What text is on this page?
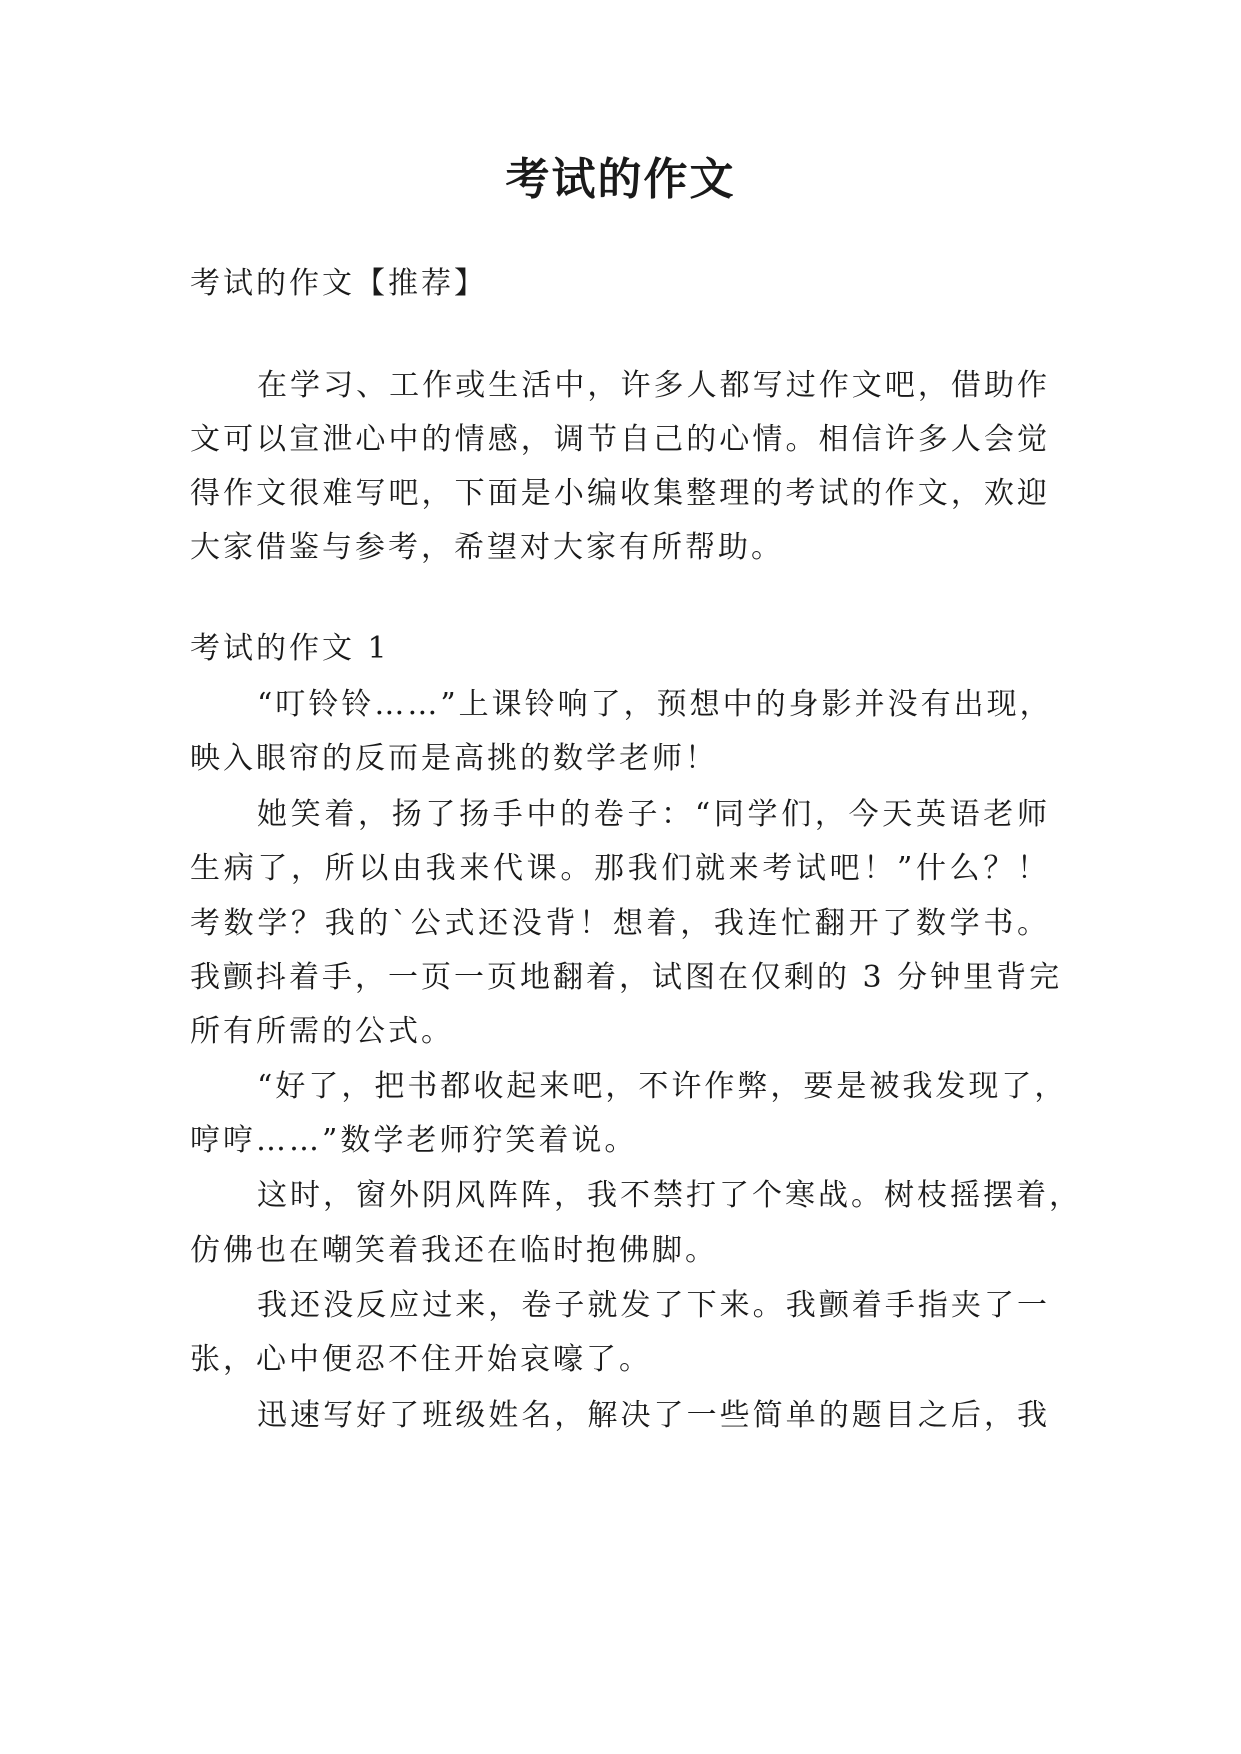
考试的作文

考试的作文【推荐】

在学习、工作或生活中，许多人都写过作文吧，借助作

文可以宣泄心中的情感，调节自己的心情。相信许多人会觉

得作文很难写吧，下面是小编收集整理的考试的作文，欢迎

大家借鉴与参考，希望对大家有所帮助。

考试的作文 1

“叮铃铃……”上课铃响了，预想中的身影并没有出现，

映入眼帘的反而是高挑的数学老师！

她笑着，扬了扬手中的卷子：“同学们，今天英语老师

生病了，所以由我来代课。那我们就来考试吧！”什么？！

考数学？我的`公式还没背！想着，我连忙翻开了数学书。

我颤抖着手，一页一页地翻着，试图在仅剩的 3 分钟里背完

所有所需的公式。

“好了，把书都收起来吧，不许作弊，要是被我发现了，

哼哼……”数学老师狞笑着说。

这时，窗外阴风阵阵，我不禁打了个寒战。树枝摇摆着，

仿佛也在嘲笑着我还在临时抱佛脚。

我还没反应过来，卷子就发了下来。我颤着手指夹了一

张，心中便忍不住开始哀嚎了。

迅速写好了班级姓名，解决了一些简单的题目之后，我
